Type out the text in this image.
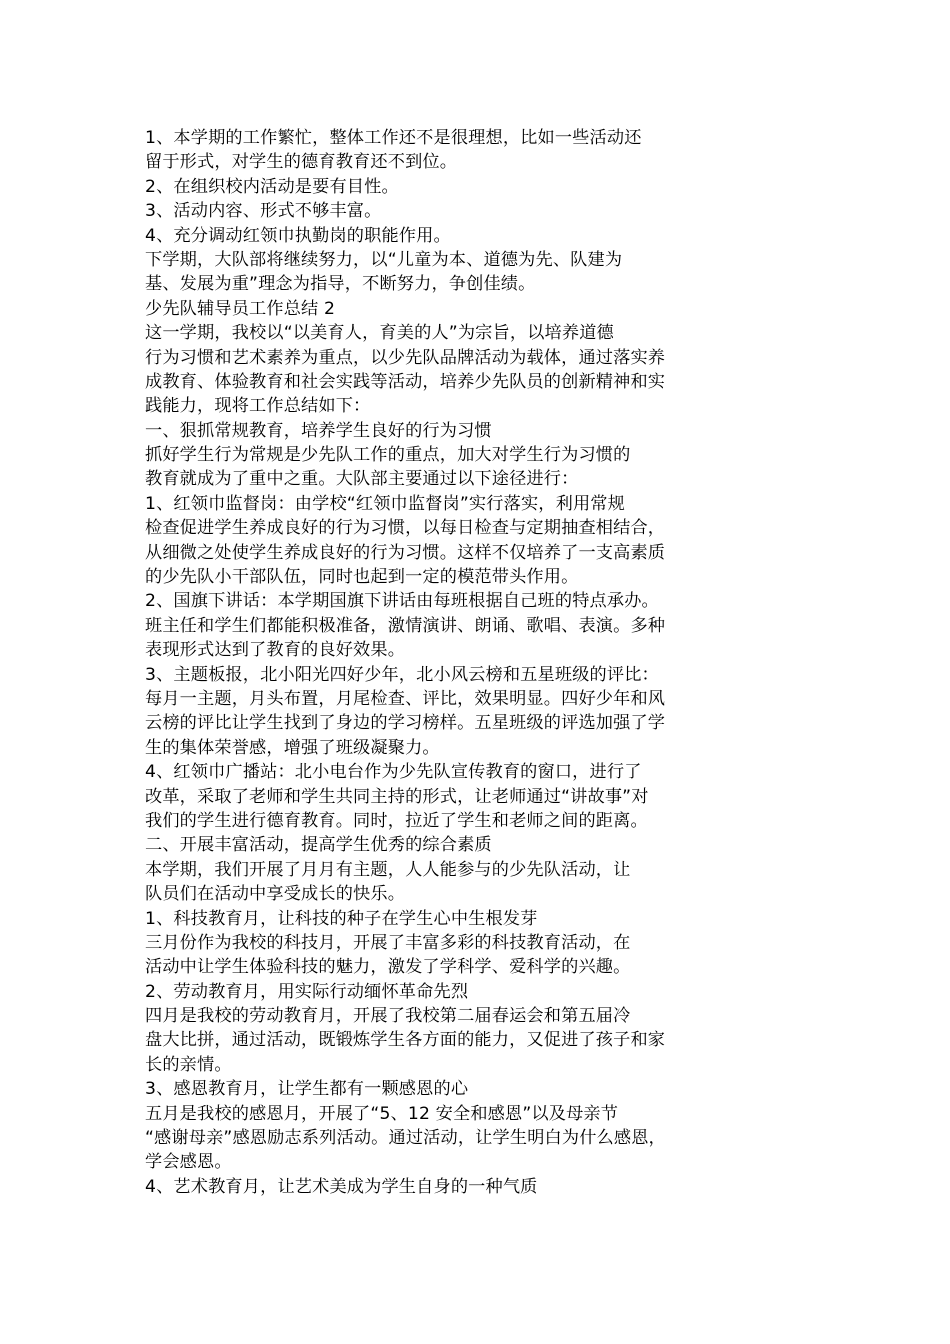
1、本学期的工作繁忙，整体工作还不是很理想，比如一些活动还
留于形式，对学生的德育教育还不到位。
2、在组织校内活动是要有目性。
3、活动内容、形式不够丰富。
4、充分调动红领巾执勤岗的职能作用。
下学期，大队部将继续努力，以“儿童为本、道德为先、队建为
基、发展为重”理念为指导，不断努力，争创佳绩。
少先队辅导员工作总结 2
这一学期，我校以“以美育人，育美的人”为宗旨，以培养道德
行为习惯和艺术素养为重点，以少先队品牌活动为载体，通过落实养
成教育、体验教育和社会实践等活动，培养少先队员的创新精神和实
践能力，现将工作总结如下：
一、狠抓常规教育，培养学生良好的行为习惯
抓好学生行为常规是少先队工作的重点，加大对学生行为习惯的
教育就成为了重中之重。大队部主要通过以下途径进行：
1、红领巾监督岗：由学校“红领巾监督岗”实行落实，利用常规
检查促进学生养成良好的行为习惯，以每日检查与定期抽查相结合，
从细微之处使学生养成良好的行为习惯。这样不仅培养了一支高素质
的少先队小干部队伍，同时也起到一定的模范带头作用。
2、国旗下讲话：本学期国旗下讲话由每班根据自己班的特点承办。
班主任和学生们都能积极准备，激情演讲、朗诵、歌唱、表演。多种
表现形式达到了教育的良好效果。
3、主题板报，北小阳光四好少年，北小风云榜和五星班级的评比：
每月一主题，月头布置，月尾检查、评比，效果明显。四好少年和风
云榜的评比让学生找到了身边的学习榜样。五星班级的评选加强了学
生的集体荣誉感，增强了班级凝聚力。
4、红领巾广播站：北小电台作为少先队宣传教育的窗口，进行了
改革，采取了老师和学生共同主持的形式，让老师通过“讲故事”对
我们的学生进行德育教育。同时，拉近了学生和老师之间的距离。
二、开展丰富活动，提高学生优秀的综合素质
本学期，我们开展了月月有主题，人人能参与的少先队活动，让
队员们在活动中享受成长的快乐。
1、科技教育月，让科技的种子在学生心中生根发芽
三月份作为我校的科技月，开展了丰富多彩的科技教育活动，在
活动中让学生体验科技的魅力，激发了学科学、爱科学的兴趣。
2、劳动教育月，用实际行动缅怀革命先烈
四月是我校的劳动教育月，开展了我校第二届春运会和第五届冷
盘大比拼，通过活动，既锻炼学生各方面的能力，又促进了孩子和家
长的亲情。
3、感恩教育月，让学生都有一颗感恩的心
五月是我校的感恩月，开展了“5、12 安全和感恩”以及母亲节
“感谢母亲”感恩励志系列活动。通过活动，让学生明白为什么感恩，
学会感恩。
4、艺术教育月，让艺术美成为学生自身的一种气质
